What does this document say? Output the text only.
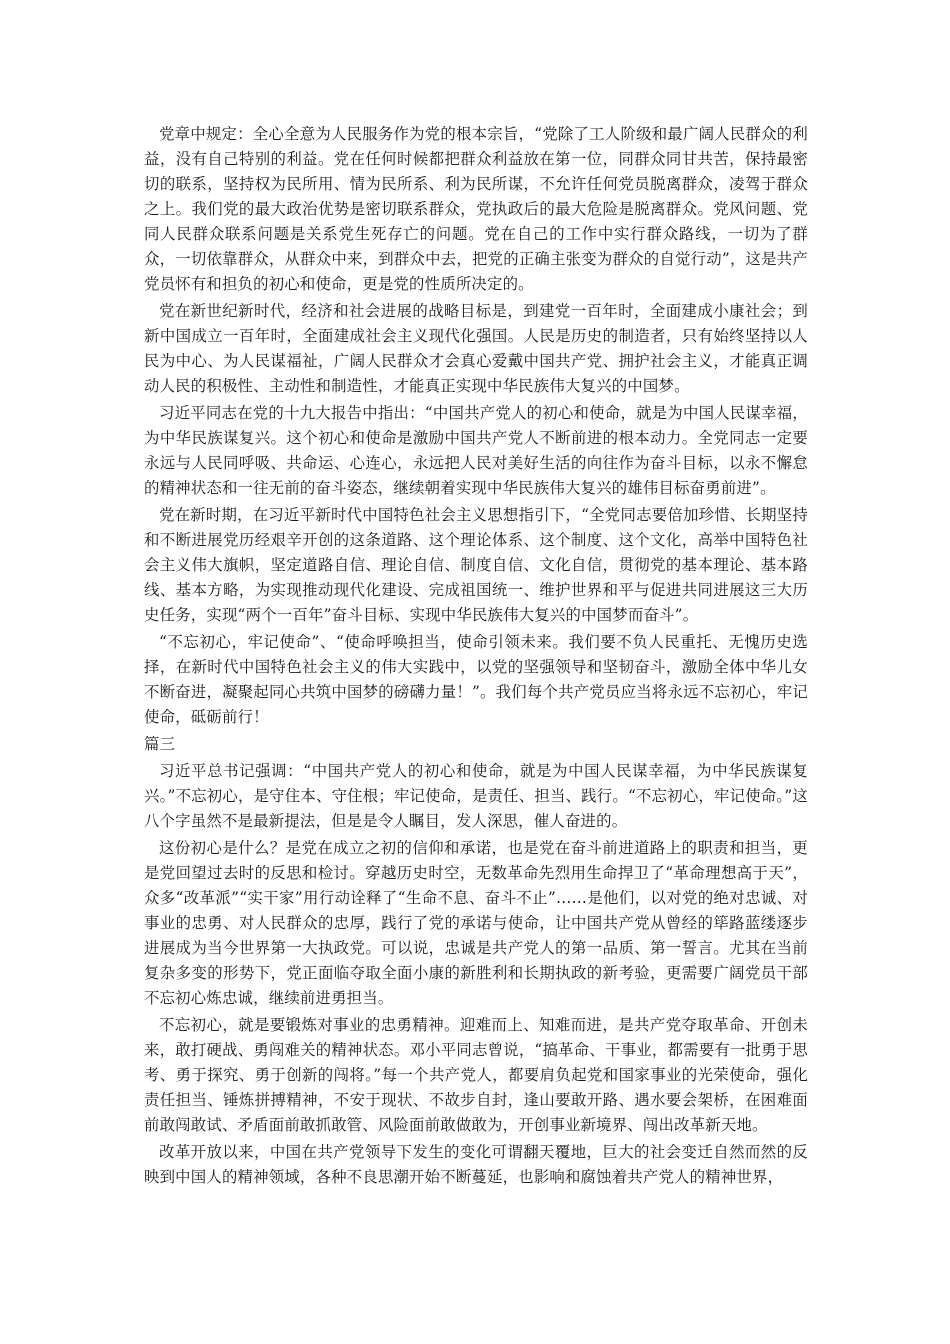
党章中规定：全心全意为人民服务作为党的根本宗旨，“党除了工人阶级和最广阔人民群众的利益，没有自己特别的利益。党在任何时候都把群众利益放在第一位，同群众同甘共苦，保持最密切的联系，坚持权为民所用、情为民所系、利为民所谋，不允许任何党员脱离群众，凌驾于群众之上。我们党的最大政治优势是密切联系群众，党执政后的最大危险是脱离群众。党风问题、党同人民群众联系问题是关系党生死存亡的问题。党在自己的工作中实行群众路线，一切为了群众，一切依靠群众，从群众中来，到群众中去，把党的正确主张变为群众的自觉行动”，这是共产党员怀有和担负的初心和使命，更是党的性质所决定的。

党在新世纪新时代，经济和社会进展的战略目标是，到建党一百年时，全面建成小康社会；到新中国成立一百年时，全面建成社会主义现代化强国。人民是历史的制造者，只有始终坚持以人民为中心、为人民谋福祉，广阔人民群众才会真心爱戴中国共产党、拥护社会主义，才能真正调动人民的积极性、主动性和制造性，才能真正实现中华民族伟大复兴的中国梦。

习近平同志在党的十九大报告中指出：“中国共产党人的初心和使命，就是为中国人民谋幸福，为中华民族谋复兴。这个初心和使命是激励中国共产党人不断前进的根本动力。全党同志一定要永远与人民同呼吸、共命运、心连心，永远把人民对美好生活的向往作为奋斗目标，以永不懈怠的精神状态和一往无前的奋斗姿态，继续朝着实现中华民族伟大复兴的雄伟目标奋勇前进”。

党在新时期，在习近平新时代中国特色社会主义思想指引下，“全党同志要倍加珍惜、长期坚持和不断进展党历经艰辛开创的这条道路、这个理论体系、这个制度、这个文化，高举中国特色社会主义伟大旗帜，坚定道路自信、理论自信、制度自信、文化自信，贯彻党的基本理论、基本路线、基本方略，为实现推动现代化建设、完成祖国统一、维护世界和平与促进共同进展这三大历史任务，实现“两个一百年”奋斗目标、实现中华民族伟大复兴的中国梦而奋斗”。

“不忘初心，牢记使命”、“使命呼唤担当，使命引领未来。我们要不负人民重托、无愧历史选择，在新时代中国特色社会主义的伟大实践中，以党的坚强领导和坚韧奋斗，激励全体中华儿女不断奋进，凝聚起同心共筑中国梦的磅礴力量！”。我们每个共产党员应当将永远不忘初心，牢记使命，砥砺前行！

篇三

习近平总书记强调：“中国共产党人的初心和使命，就是为中国人民谋幸福，为中华民族谋复兴。”不忘初心，是守住本、守住根；牢记使命，是责任、担当、践行。“不忘初心，牢记使命。”这八个字虽然不是最新提法，但是是令人瞩目，发人深思，催人奋进的。

这份初心是什么？是党在成立之初的信仰和承诺，也是党在奋斗前进道路上的职责和担当，更是党回望过去时的反思和检讨。穿越历史时空，无数革命先烈用生命捍卫了“革命理想高于天”，众多“改革派”“实干家”用行动诠释了“生命不息、奋斗不止”……是他们，以对党的绝对忠诚、对事业的忠勇、对人民群众的忠厚，践行了党的承诺与使命，让中国共产党从曾经的筚路蓝缕逐步进展成为当今世界第一大执政党。可以说，忠诚是共产党人的第一品质、第一誓言。尤其在当前复杂多变的形势下，党正面临夺取全面小康的新胜利和长期执政的新考验，更需要广阔党员干部不忘初心炼忠诚，继续前进勇担当。

不忘初心，就是要锻炼对事业的忠勇精神。迎难而上、知难而进，是共产党夺取革命、开创未来，敢打硬战、勇闯难关的精神状态。邓小平同志曾说，“搞革命、干事业，都需要有一批勇于思考、勇于探究、勇于创新的闯将。”每一个共产党人，都要肩负起党和国家事业的光荣使命，强化责任担当、锤炼拼搏精神，不安于现状、不故步自封，逢山要敢开路、遇水要会架桥，在困难面前敢闯敢试、矛盾面前敢抓敢管、风险面前敢做敢为，开创事业新境界、闯出改革新天地。

改革开放以来，中国在共产党领导下发生的变化可谓翻天覆地，巨大的社会变迁自然而然的反映到中国人的精神领域，各种不良思潮开始不断蔓延，也影响和腐蚀着共产党人的精神世界，
